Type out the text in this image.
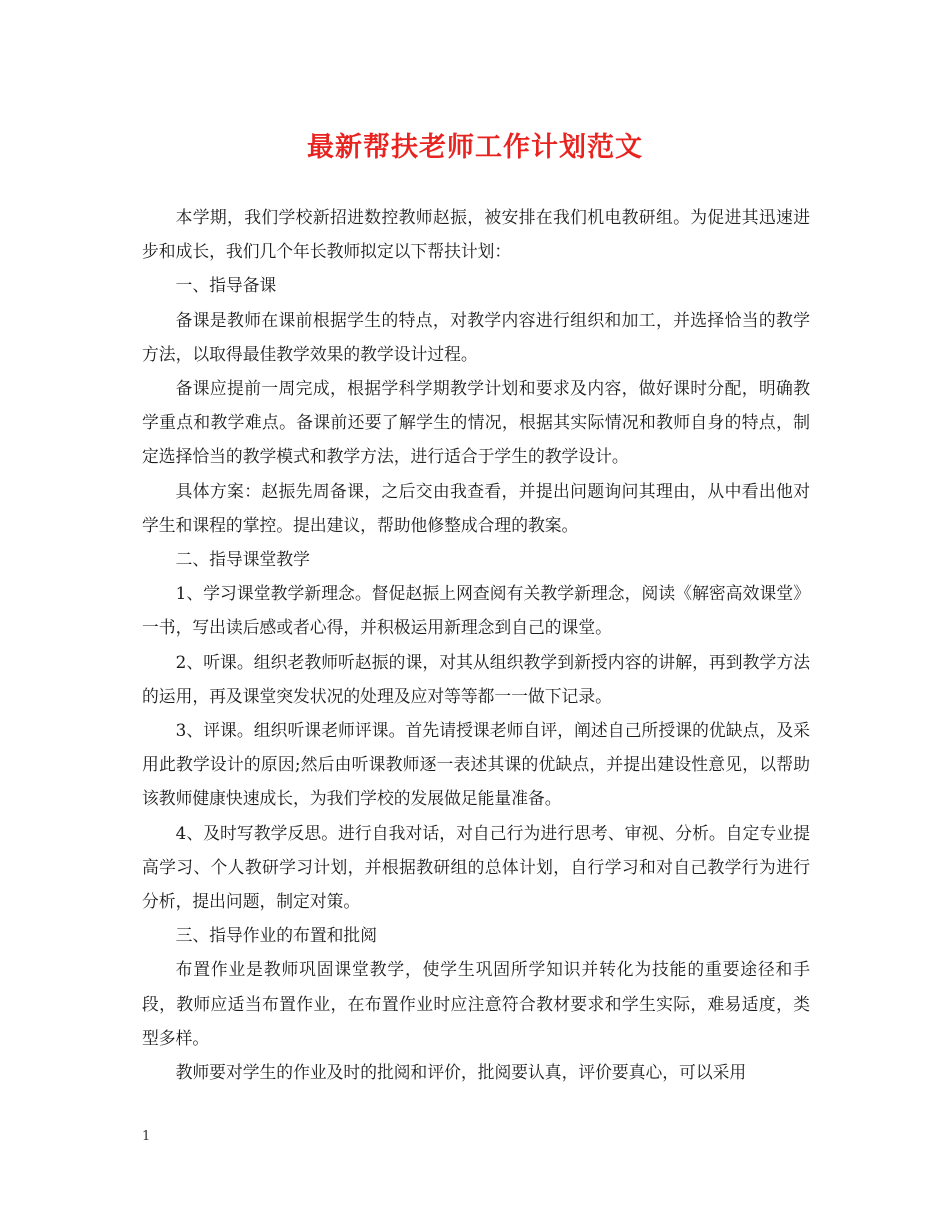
最新帮扶老师工作计划范文

本学期，我们学校新招进数控教师赵振，被安排在我们机电教研组。为促进其迅速进步和成长，我们几个年长教师拟定以下帮扶计划：

一、指导备课

备课是教师在课前根据学生的特点，对教学内容进行组织和加工，并选择恰当的教学方法，以取得最佳教学效果的教学设计过程。

备课应提前一周完成，根据学科学期教学计划和要求及内容，做好课时分配，明确教学重点和教学难点。备课前还要了解学生的情况，根据其实际情况和教师自身的特点，制定选择恰当的教学模式和教学方法，进行适合于学生的教学设计。

具体方案：赵振先周备课，之后交由我查看，并提出问题询问其理由，从中看出他对学生和课程的掌控。提出建议，帮助他修整成合理的教案。

二、指导课堂教学

1、学习课堂教学新理念。督促赵振上网查阅有关教学新理念，阅读《解密高效课堂》一书，写出读后感或者心得，并积极运用新理念到自己的课堂。

2、听课。组织老教师听赵振的课，对其从组织教学到新授内容的讲解，再到教学方法的运用，再及课堂突发状况的处理及应对等等都一一做下记录。

3、评课。组织听课老师评课。首先请授课老师自评，阐述自己所授课的优缺点，及采用此教学设计的原因;然后由听课教师逐一表述其课的优缺点，并提出建设性意见，以帮助该教师健康快速成长，为我们学校的发展做足能量准备。

4、及时写教学反思。进行自我对话，对自己行为进行思考、审视、分析。自定专业提高学习、个人教研学习计划，并根据教研组的总体计划，自行学习和对自己教学行为进行分析，提出问题，制定对策。

三、指导作业的布置和批阅

布置作业是教师巩固课堂教学，使学生巩固所学知识并转化为技能的重要途径和手段，教师应适当布置作业，在布置作业时应注意符合教材要求和学生实际，难易适度，类型多样。

教师要对学生的作业及时的批阅和评价，批阅要认真，评价要真心，可以采用

1
